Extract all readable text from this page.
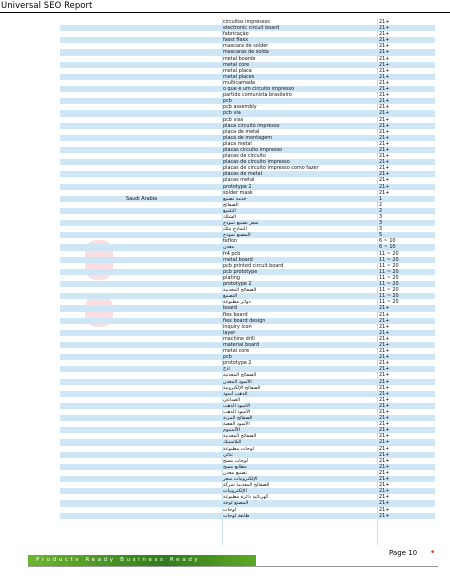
Universal SEO Report
circuitos impressos	21+
electronic circuit board	21+
fabricação	21+
fasst flexx	21+
mascara de solder	21+
mascaras de solda	21+
metal boards	21+
metal core	21+
metal placa	21+
metal places	21+
multicamada	21+
o que é um circuito impresso	21+
partido comunista brasileiro	21+
pcb	21+
pcb assembly	21+
pcb via	21+
pcb vias	21+
placa circuito impresso	21+
placa de metal	21+
placa de montagem	21+
placa metal	21+
placas circuito impresso	21+
placas de circuito	21+
placas de circuito impresso	21+
placas de circuito impresso como fazer	21+
placas de metal	21+
placas metal	21+
prototype 2	21+
solder mask	21+
Saudi Arabia	خدمة تصنيع	1
الصفائح	2
التلميع	2
الشلك	3
سعر تصنيع نموذج	3
النماذج ملك	3
المصنع نموذج	5
teflon	6 ~ 10
معدن	6 ~ 10
fr4 pcb	11 ~ 20
metal board	11 ~ 20
pcb printed circuit board	11 ~ 20
pcb prototype	11 ~ 20
plating	11 ~ 20
prototype 2	11 ~ 20
الصفائح المعدنية	11 ~ 20
التصنيع	11 ~ 20
دوائر مطبوعة	11 ~ 20
board	21+
flex board	21+
flex board design	21+
inquiry icon	21+
layer	21+
machine drill	21+
material board	21+
metal core	21+
pcb	21+
prototype 2	21+
ادخ	21+
الصفائح المعدنية	21+
الأسود المعدن	21+
الصفائح الإلكترونية	21+
الذهب أسود	21+
الصناعي	21+
الأسود الذهب	21+
الأسود الذهب	21+
الصفائح المرنة	21+
الأسود الفضة	21+
الألمنيوم	21+
الصفائح المعدنية	21+
البلاستيك	21+
لوحات مطبوعة	21+
ثنائي	21+
لوحات مسح	21+
مطابع مسح	21+
تصنيع معدن	21+
الإلكترونيات سعر	21+
الصفائح المعدنية شركة	21+
الإلكترونيات	21+
كهربائية دائرة مطبوعة	21+
المصنع لوحة	21+
لوحات	21+
طابعة لوحات	21+
Page 10 •
Products Ready Business Ready
